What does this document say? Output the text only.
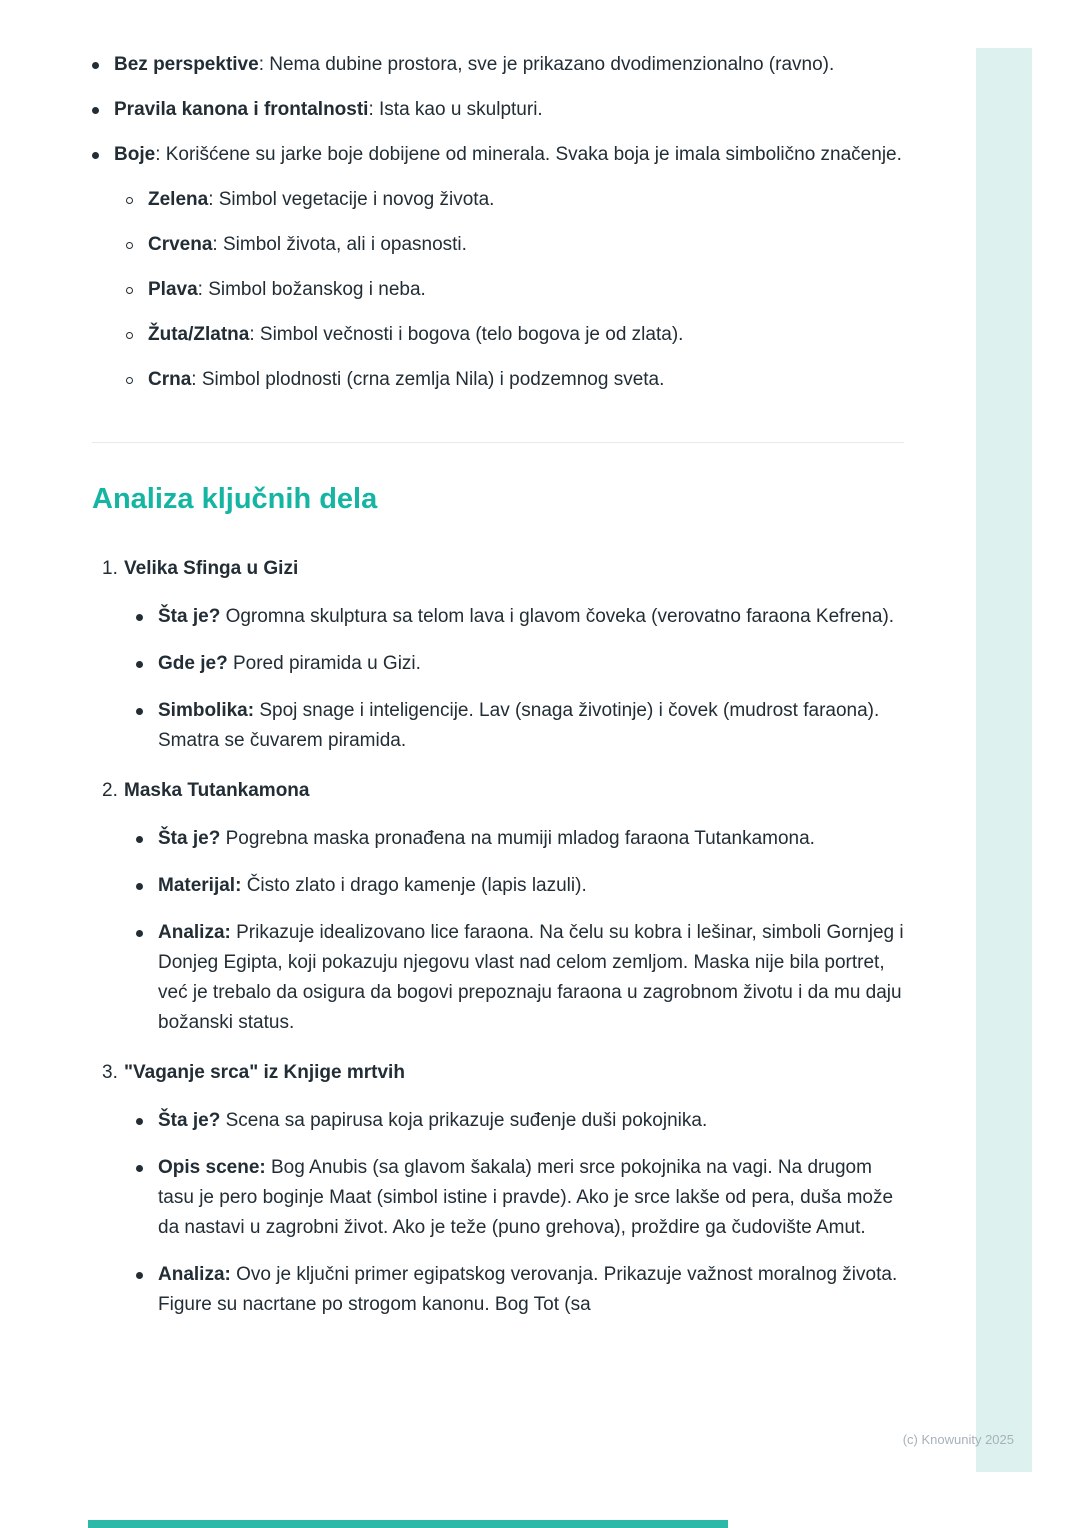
Bez perspektive: Nema dubine prostora, sve je prikazano dvodimenzionalno (ravno).
Pravila kanona i frontalnosti: Ista kao u skulpturi.
Boje: Korišćene su jarke boje dobijene od minerala. Svaka boja je imala simbolično značenje.
Zelena: Simbol vegetacije i novog života.
Crvena: Simbol života, ali i opasnosti.
Plava: Simbol božanskog i neba.
Žuta/Zlatna: Simbol večnosti i bogova (telo bogova je od zlata).
Crna: Simbol plodnosti (crna zemlja Nila) i podzemnog sveta.
Analiza ključnih dela
1. Velika Sfinga u Gizi
Šta je? Ogromna skulptura sa telom lava i glavom čoveka (verovatno faraona Kefrena).
Gde je? Pored piramida u Gizi.
Simbolika: Spoj snage i inteligencije. Lav (snaga životinje) i čovek (mudrost faraona). Smatra se čuvarem piramida.
2. Maska Tutankamona
Šta je? Pogrebna maska pronađena na mumiji mladog faraona Tutankamona.
Materijal: Čisto zlato i drago kamenje (lapis lazuli).
Analiza: Prikazuje idealizovano lice faraona. Na čelu su kobra i lešinar, simboli Gornjeg i Donjeg Egipta, koji pokazuju njegovu vlast nad celom zemljom. Maska nije bila portret, već je trebalo da osigura da bogovi prepoznaju faraona u zagrobnom životu i da mu daju božanski status.
3. "Vaganje srca" iz Knjige mrtvih
Šta je? Scena sa papirusa koja prikazuje suđenje duši pokojnika.
Opis scene: Bog Anubis (sa glavom šakala) meri srce pokojnika na vagi. Na drugom tasu je pero boginje Maat (simbol istine i pravde). Ako je srce lakše od pera, duša može da nastavi u zagrobni život. Ako je teže (puno grehova), proždire ga čudovište Amut.
Analiza: Ovo je ključni primer egipatskog verovanja. Prikazuje važnost moralnog života. Figure su nacrtane po strogom kanonu. Bog Tot (sa
(c) Knowunity 2025
